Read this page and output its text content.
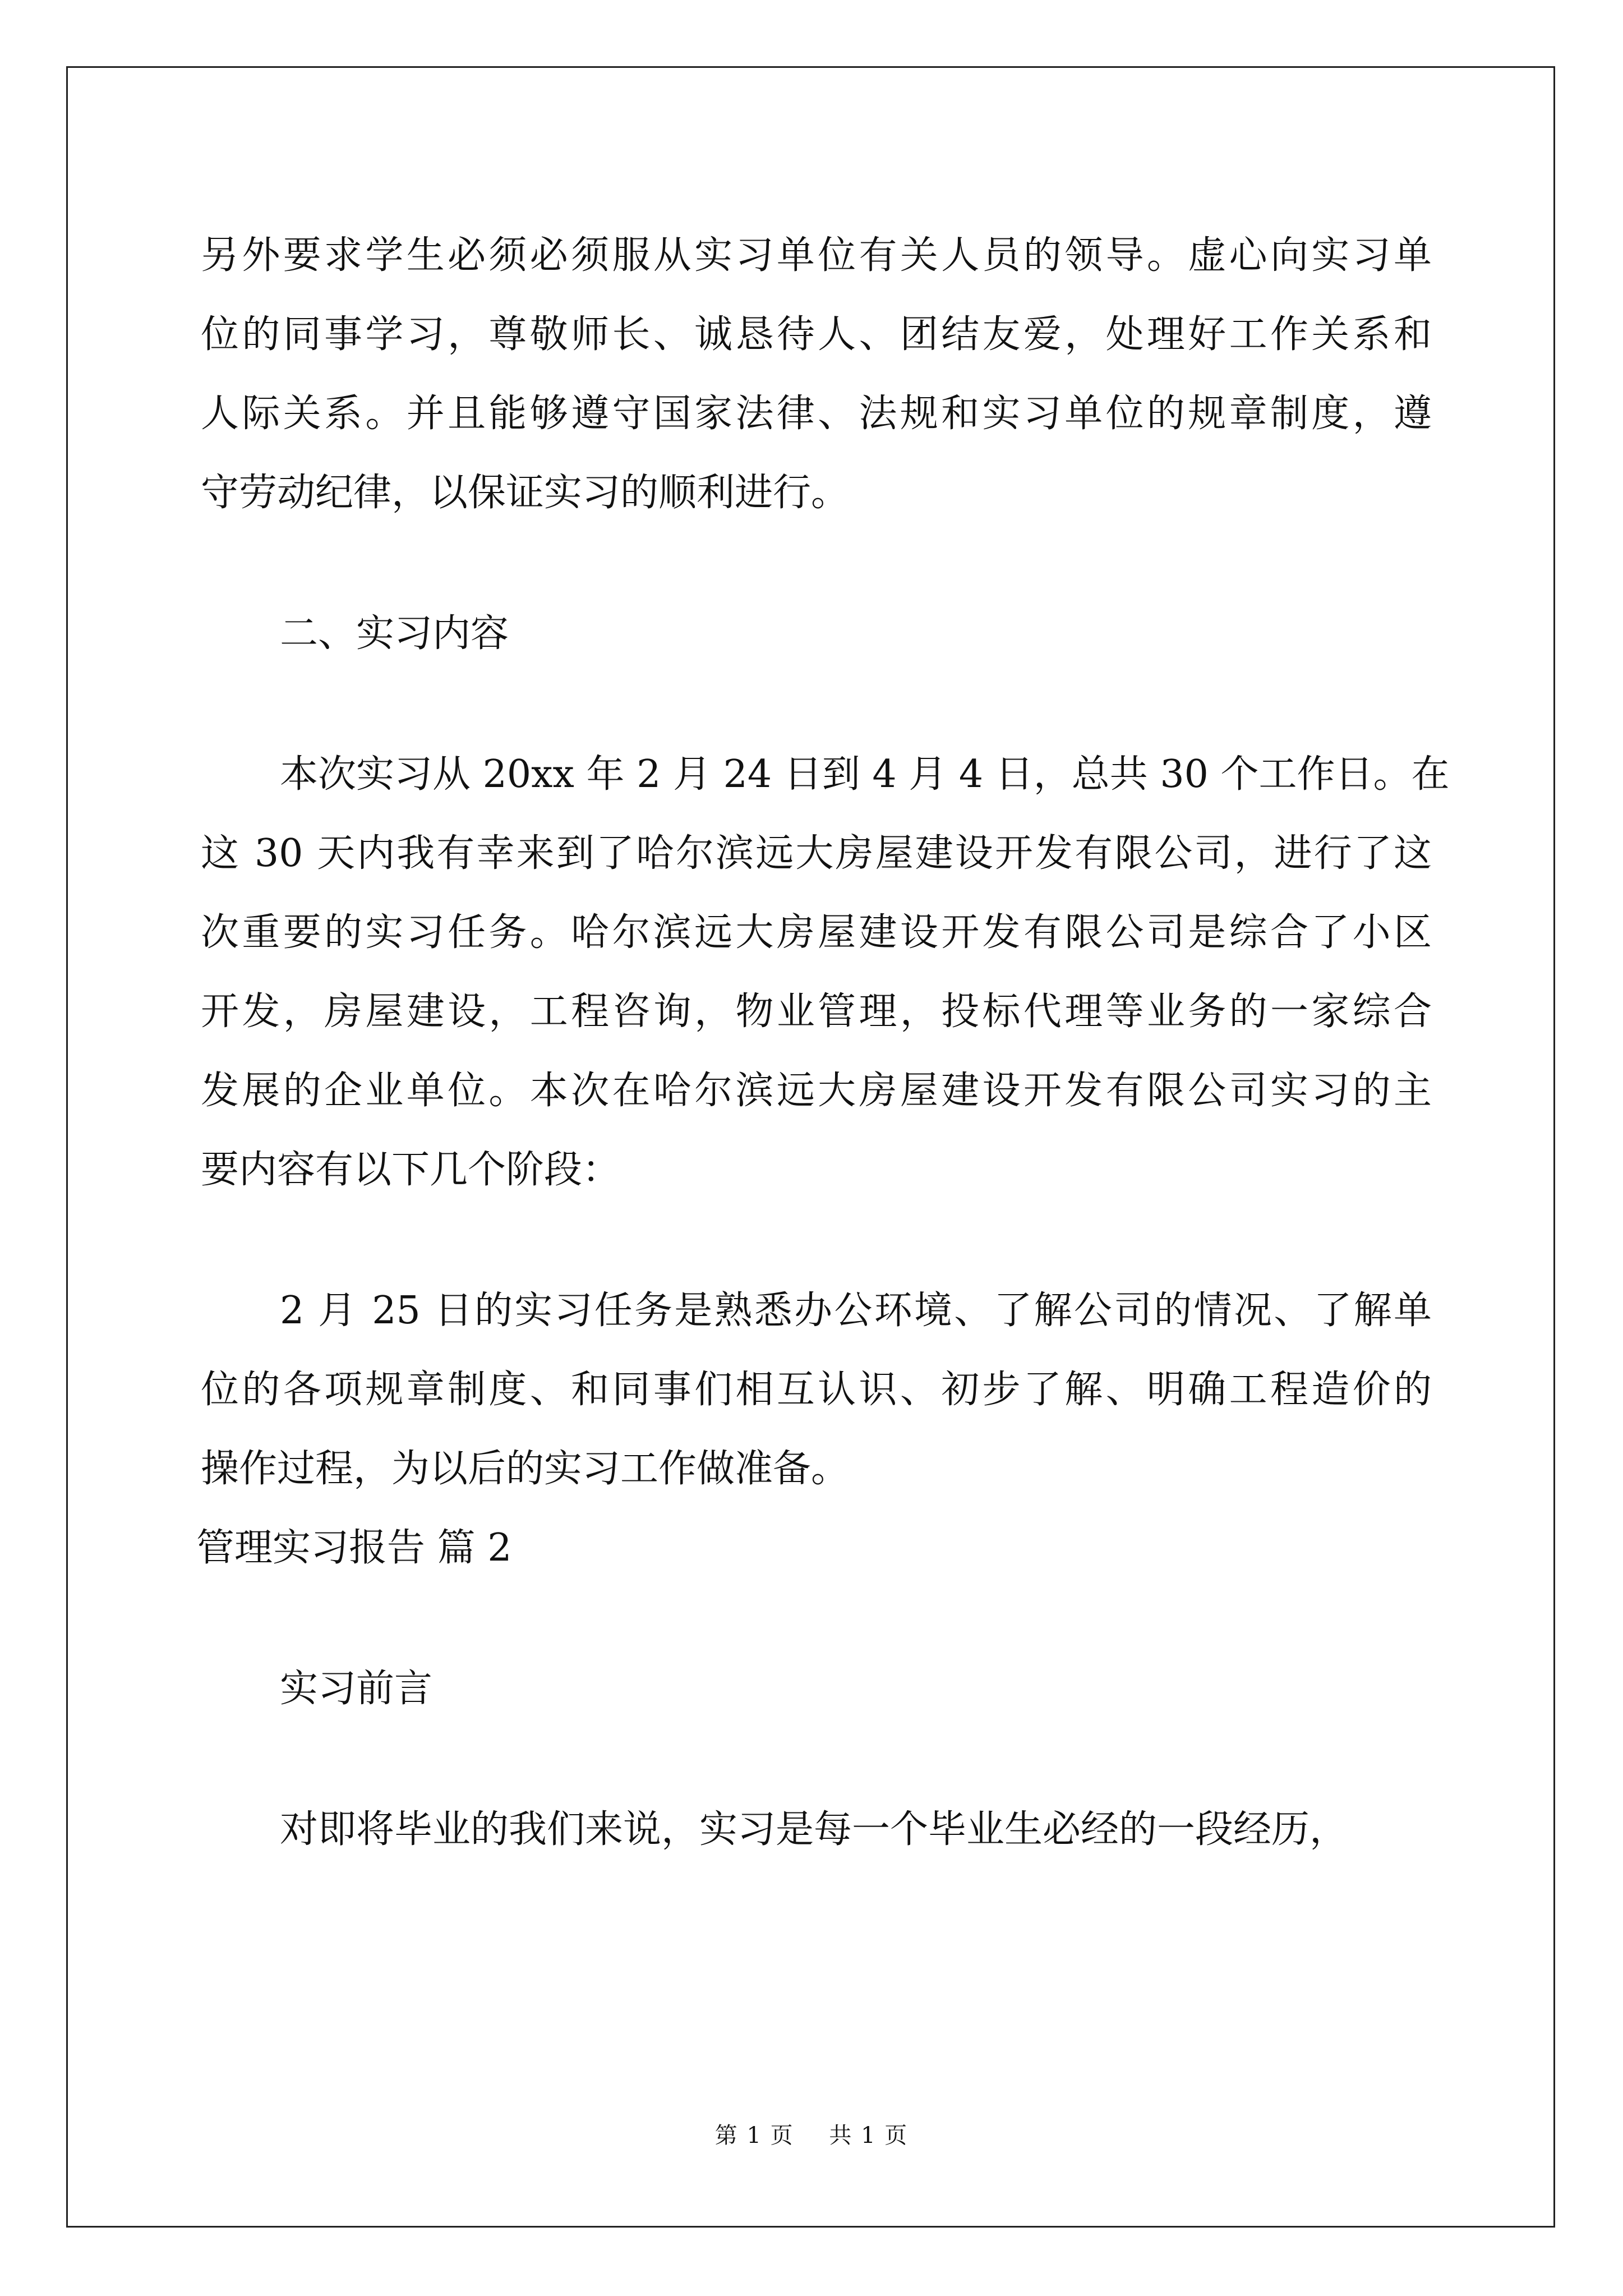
另外要求学生必须必须服从实习单位有关人员的领导。虚心向实习单
位的同事学习，尊敬师长、诚恳待人、团结友爱，处理好工作关系和
人际关系。并且能够遵守国家法律、法规和实习单位的规章制度，遵
守劳动纪律，以保证实习的顺利进行。
二、实习内容
本次实习从 20xx 年 2 月 24 日到 4 月 4 日，总共 30 个工作日。在
这 30 天内我有幸来到了哈尔滨远大房屋建设开发有限公司，进行了这
次重要的实习任务。哈尔滨远大房屋建设开发有限公司是综合了小区
开发，房屋建设，工程咨询，物业管理，投标代理等业务的一家综合
发展的企业单位。本次在哈尔滨远大房屋建设开发有限公司实习的主
要内容有以下几个阶段：
2 月 25 日的实习任务是熟悉办公环境、了解公司的情况、了解单
位的各项规章制度、和同事们相互认识、初步了解、明确工程造价的
操作过程，为以后的实习工作做准备。
管理实习报告 篇 2
实习前言
对即将毕业的我们来说，实习是每一个毕业生必经的一段经历，
第 1 页 共 1 页
